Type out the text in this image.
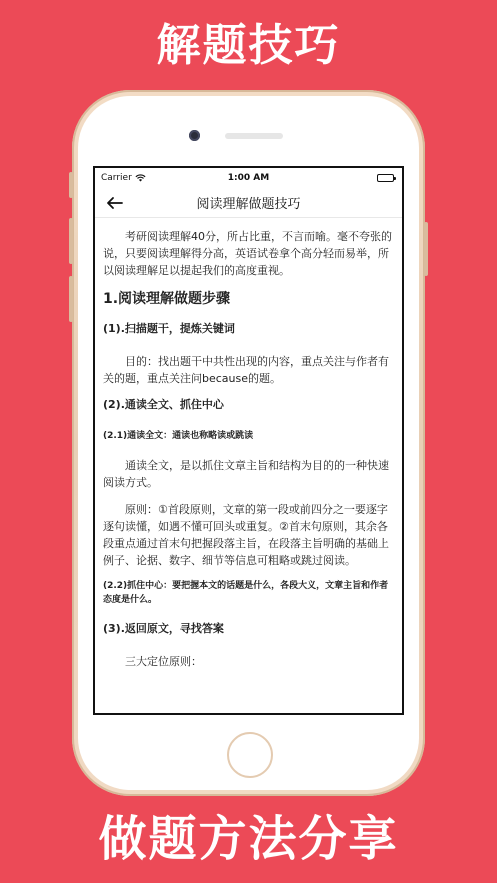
解题技巧
Carrier	1:00 AM
阅读理解做题技巧

考研阅读理解40分，所占比重，不言而喻。毫不夸张的说，只要阅读理解得分高，英语试卷拿个高分轻而易举，所以阅读理解足以提起我们的高度重视。

1.阅读理解做题步骤
(1).扫描题干，提炼关键词

目的：找出题干中共性出现的内容，重点关注与作者有关的题，重点关注问because的题。

(2).通读全文、抓住中心
(2.1)通读全文：通读也称略读或跳读

通读全文，是以抓住文章主旨和结构为目的的一种快速阅读方式。

原则：①首段原则，文章的第一段或前四分之一要逐字逐句读懂，如遇不懂可回头或重复。②首末句原则，其余各段重点通过首末句把握段落主旨，在段落主旨明确的基础上例子、论据、数字、细节等信息可粗略或跳过阅读。

(2.2)抓住中心：要把握本文的话题是什么，各段大义，文章主旨和作者态度是什么。
(3).返回原文，寻找答案

三大定位原则：

做题方法分享
